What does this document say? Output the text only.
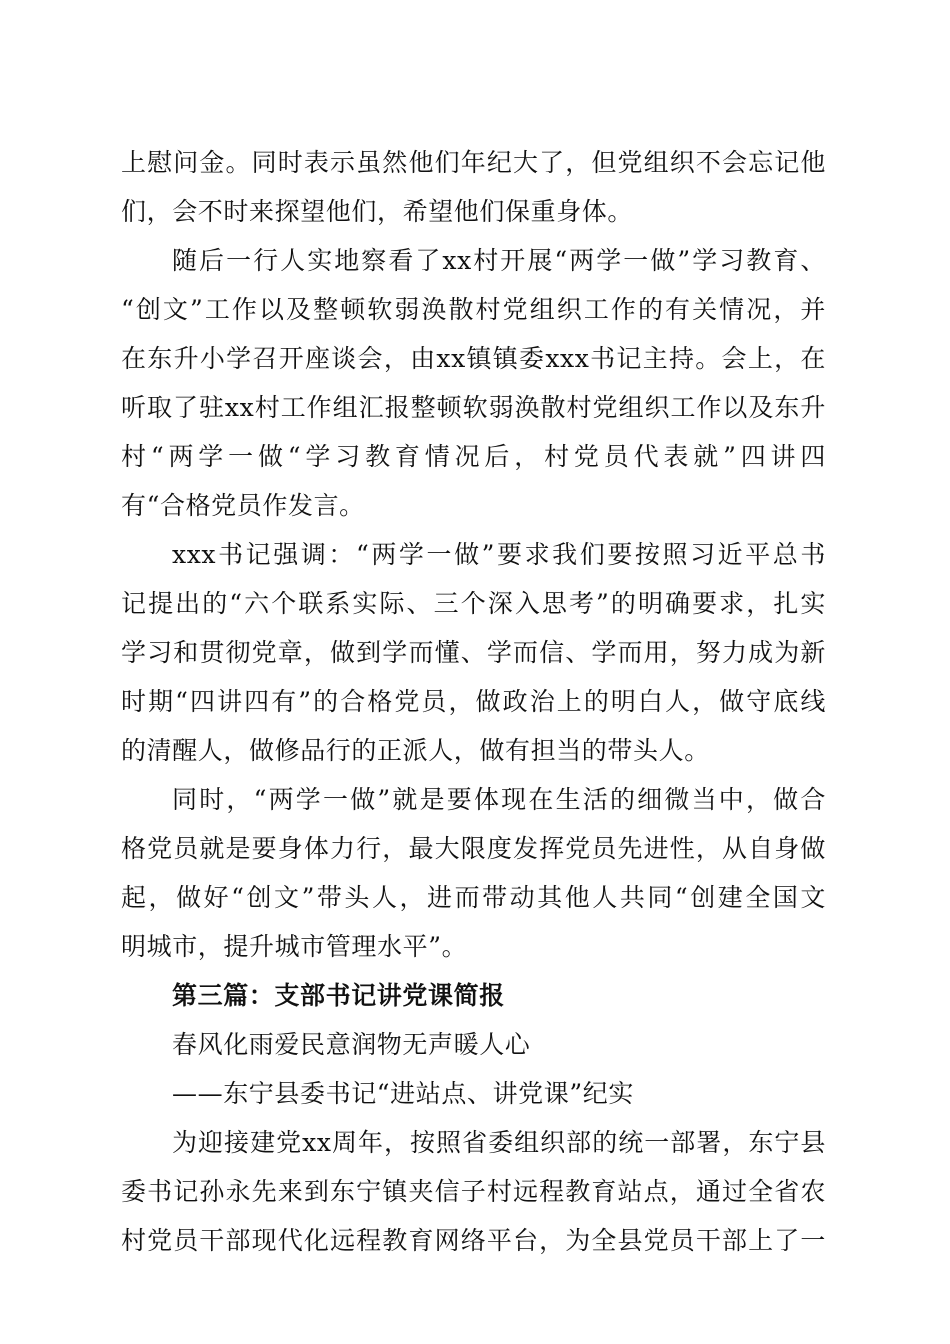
上慰问金。同时表示虽然他们年纪大了，但党组织不会忘记他
们，会不时来探望他们，希望他们保重身体。
随后一行人实地察看了xx村开展“两学一做”学习教育、
“创文”工作以及整顿软弱涣散村党组织工作的有关情况，并
在东升小学召开座谈会，由xx镇镇委xxx书记主持。会上，在
听取了驻xx村工作组汇报整顿软弱涣散村党组织工作以及东升
村“两学一做“学习教育情况后，村党员代表就”四讲四
有“合格党员作发言。
xxx书记强调：“两学一做”要求我们要按照习近平总书
记提出的“六个联系实际、三个深入思考”的明确要求，扎实
学习和贯彻党章，做到学而懂、学而信、学而用，努力成为新
时期“四讲四有”的合格党员，做政治上的明白人，做守底线
的清醒人，做修品行的正派人，做有担当的带头人。
同时，“两学一做”就是要体现在生活的细微当中，做合
格党员就是要身体力行，最大限度发挥党员先进性，从自身做
起，做好“创文”带头人，进而带动其他人共同“创建全国文
明城市，提升城市管理水平”。
第三篇：支部书记讲党课简报
春风化雨爱民意润物无声暖人心
——东宁县委书记“进站点、讲党课”纪实
为迎接建党xx周年，按照省委组织部的统一部署，东宁县
委书记孙永先来到东宁镇夹信子村远程教育站点，通过全省农
村党员干部现代化远程教育网络平台，为全县党员干部上了一
